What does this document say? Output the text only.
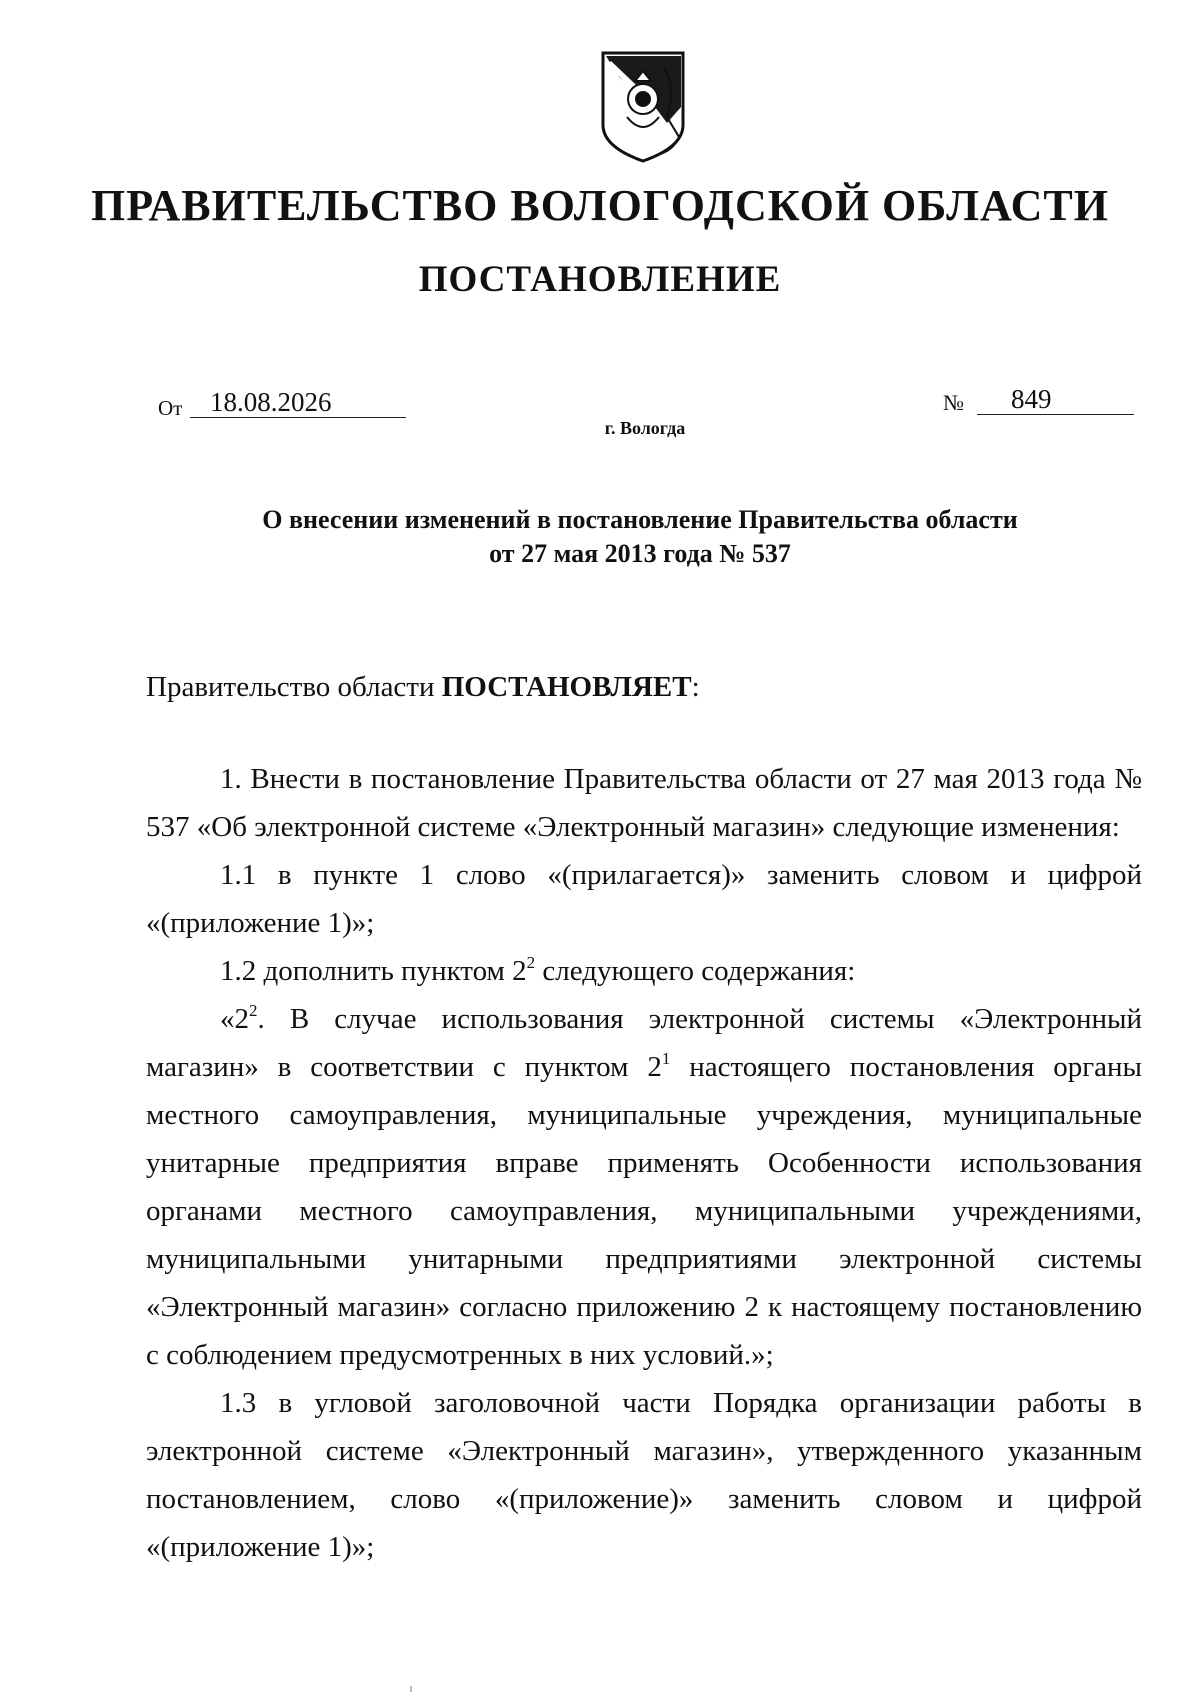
ПРАВИТЕЛЬСТВО ВОЛОГОДСКОЙ ОБЛАСТИ
ПОСТАНОВЛЕНИЕ
От	18.08.2026	№	849
г. Вологда
О внесении изменений в постановление Правительства области
от 27 мая 2013 года № 537

Правительство области ПОСТАНОВЛЯЕТ:

1. Внести в постановление Правительства области от 27 мая 2013 года № 537 «Об электронной системе «Электронный магазин» следующие изменения:

1.1 в пункте 1 слово «(прилагается)» заменить словом и цифрой «(приложение 1)»;

1.2 дополнить пунктом $2^2$ следующего содержания:

«$2^2$. В случае использования электронной системы «Электронный магазин» в соответствии с пунктом $2^1$ настоящего постановления органы местного самоуправления, муниципальные учреждения, муниципальные унитарные предприятия вправе применять Особенности использования органами местного самоуправления, муниципальными учреждениями, муниципальными унитарными предприятиями электронной системы «Электронный магазин» согласно приложению 2 к настоящему постановлению с соблюдением предусмотренных в них условий.»;

1.3 в угловой заголовочной части Порядка организации работы в электронной системе «Электронный магазин», утвержденного указанным постановлением, слово «(приложение)» заменить словом и цифрой «(приложение 1)»;
